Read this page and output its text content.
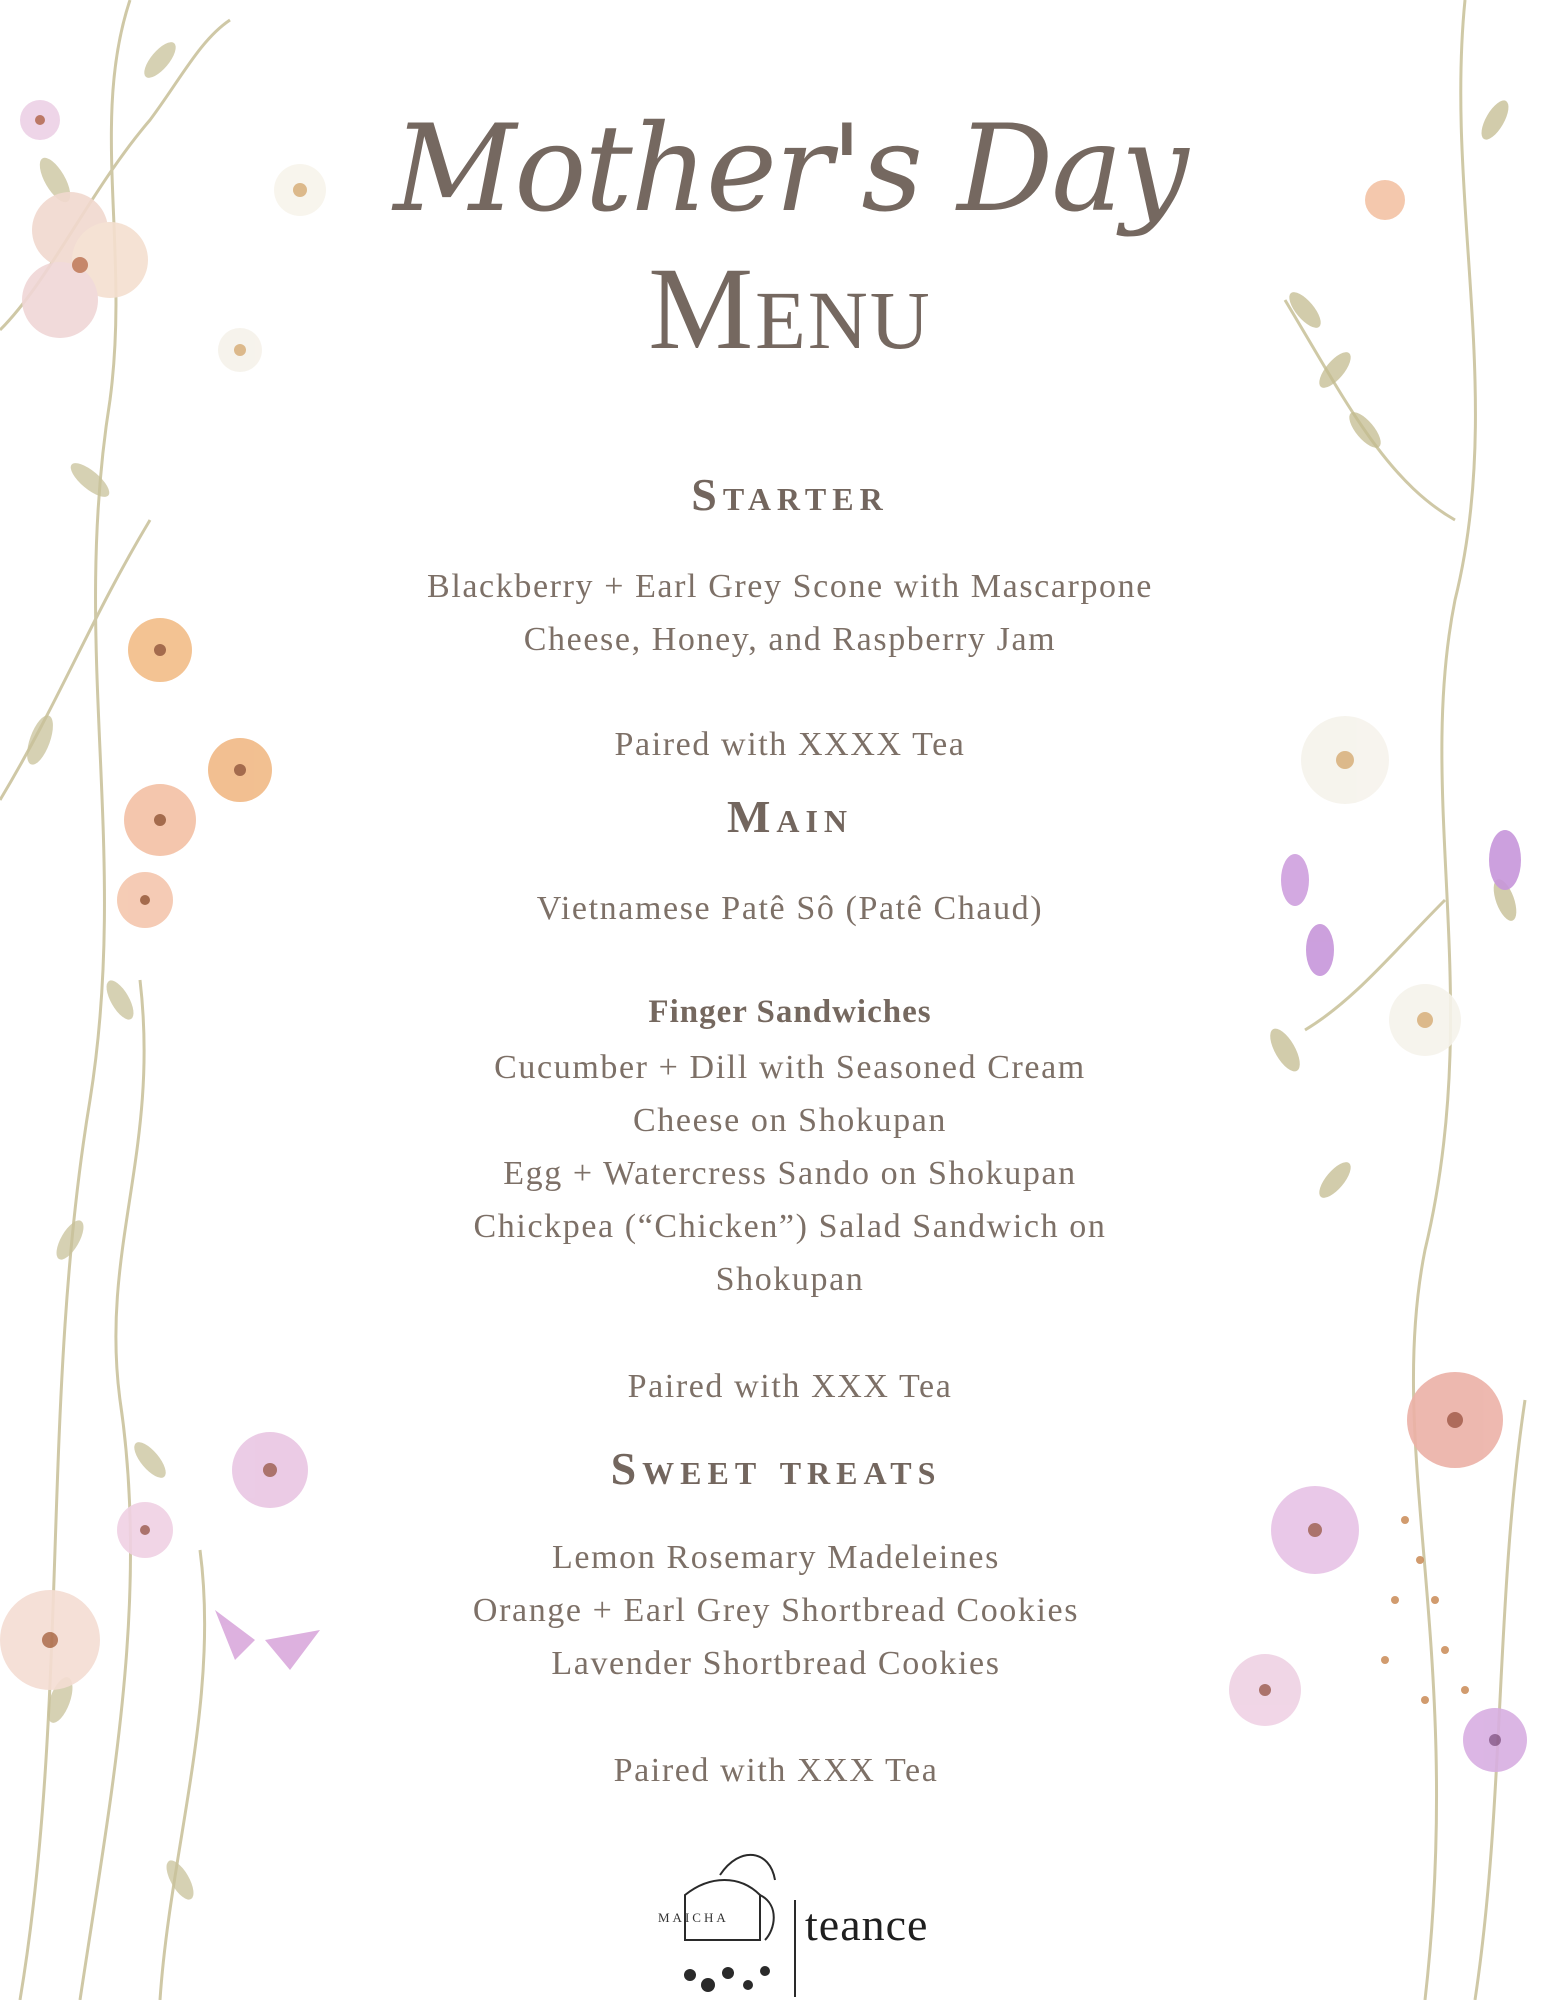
Mother's Day
Menu
Starter
Blackberry + Earl Grey Scone with Mascarpone
Cheese, Honey, and Raspberry Jam
Paired with XXXX Tea
Main
Vietnamese Patê Sô (Patê Chaud)
Finger Sandwiches
Cucumber + Dill with Seasoned Cream
Cheese on Shokupan
Egg + Watercress Sando on Shokupan
Chickpea (“Chicken”) Salad Sandwich on
Shokupan
Paired with XXX Tea
Sweet treats
Lemon Rosemary Madeleines
Orange + Earl Grey Shortbread Cookies
Lavender Shortbread Cookies
Paired with XXX Tea
MAICHA teance
